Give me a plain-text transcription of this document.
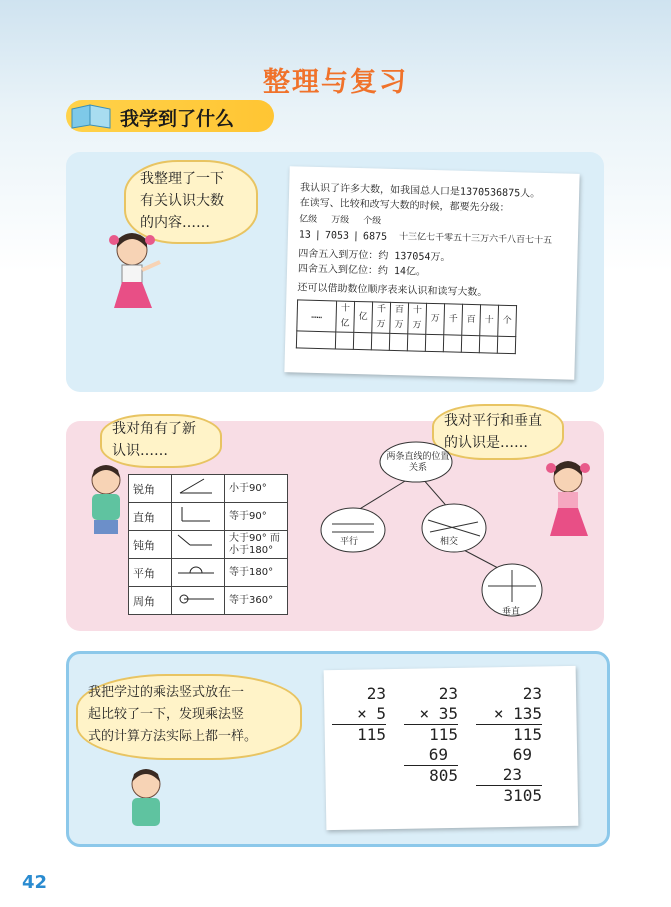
整理与复习
我学到了什么
我整理了一下
有关认识大数
的内容……
我认识了许多大数，如我国总人口是1370536875人。
在读写、比较和改写大数的时候，都要先分级：
亿级 万级 个级
13 | 7053 | 6875 十三亿七千零五十三万六千八百七十五
四舍五入到万位：约 137054万。
四舍五入到亿位：约 14亿。
还可以借助数位顺序表来认识和读写大数。
……	十亿	亿	千万	百万	十万	万	千	百	十	个

我对角有了新
认识……
我对平行和垂直
的认识是……
锐角		小于90°
直角		等于90°
钝角		大于90° 而小于180°
平角		等于180°
周角		等于360°
两条直线的位置关系
平行	相交
垂直
我把学过的乘法竖式放在一
起比较了一下，发现乘法竖
式的计算方法实际上都一样。
23
× 5
115
23
× 35
115
69
805
23
× 135
115
69
23
3105
42
